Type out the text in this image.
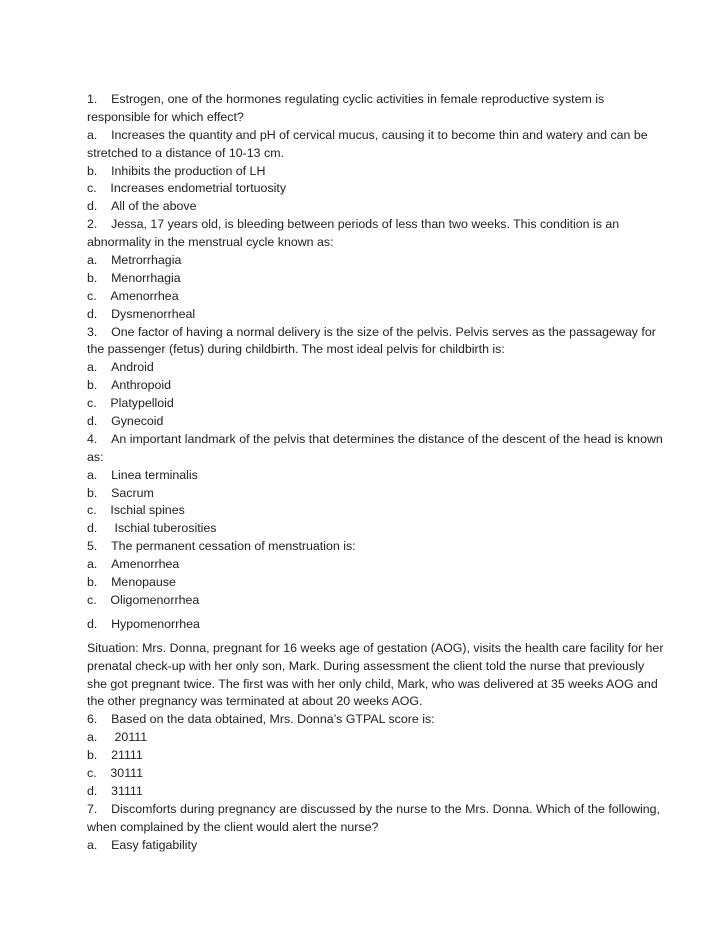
1.    Estrogen, one of the hormones regulating cyclic activities in female reproductive system is
responsible for which effect?
a.    Increases the quantity and pH of cervical mucus, causing it to become thin and watery and can be
stretched to a distance of 10-13 cm.
b.    Inhibits the production of LH
c.    Increases endometrial tortuosity
d.    All of the above
2.    Jessa, 17 years old, is bleeding between periods of less than two weeks. This condition is an
abnormality in the menstrual cycle known as:
a.    Metrorrhagia
b.    Menorrhagia
c.    Amenorrhea
d.    Dysmenorrheal
3.    One factor of having a normal delivery is the size of the pelvis. Pelvis serves as the passageway for
the passenger (fetus) during childbirth. The most ideal pelvis for childbirth is:
a.    Android
b.    Anthropoid
c.    Platypelloid
d.    Gynecoid
4.    An important landmark of the pelvis that determines the distance of the descent of the head is known
as:
a.    Linea terminalis
b.    Sacrum
c.    Ischial spines
d.     Ischial tuberosities
5.    The permanent cessation of menstruation is:
a.    Amenorrhea
b.    Menopause
c.    Oligomenorrhea
d.    Hypomenorrhea
Situation: Mrs. Donna, pregnant for 16 weeks age of gestation (AOG), visits the health care facility for her
prenatal check-up with her only son, Mark. During assessment the client told the nurse that previously
she got pregnant twice. The first was with her only child, Mark, who was delivered at 35 weeks AOG and
the other pregnancy was terminated at about 20 weeks AOG.
6.    Based on the data obtained, Mrs. Donna’s GTPAL score is:
a.     20111
b.    21111
c.    30111
d.    31111
7.    Discomforts during pregnancy are discussed by the nurse to the Mrs. Donna. Which of the following,
when complained by the client would alert the nurse?
a.    Easy fatigability
